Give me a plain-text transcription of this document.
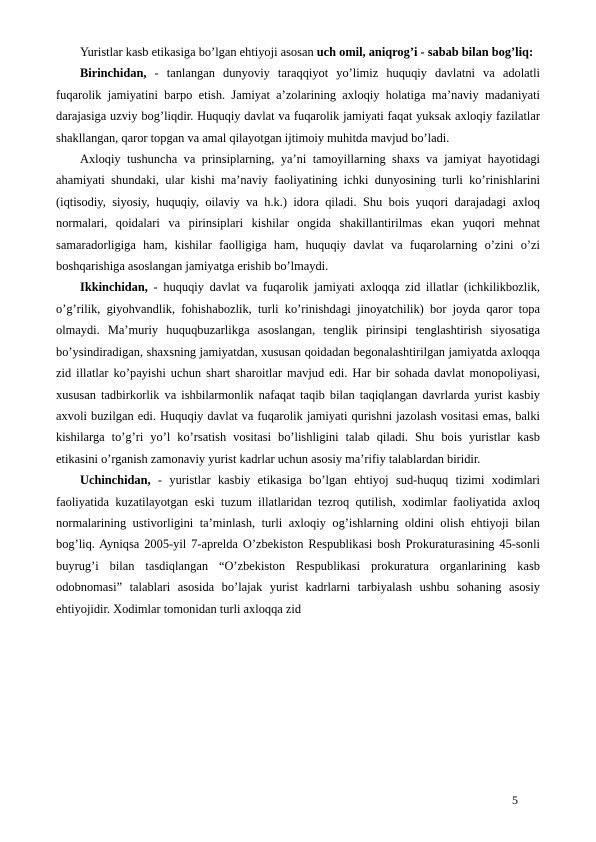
Yuristlar kasb etikasiga bo’lgan ehtiyoji asosan uch omil, aniqrog’i - sabab bilan bog’liq:

Birinchidan, - tanlangan dunyoviy taraqqiyot yo’limiz huquqiy davlatni va adolatli fuqarolik jamiyatini barpo etish. Jamiyat a’zolarining axloqiy holatiga ma’naviy madaniyati darajasiga uzviy bog’liqdir. Huquqiy davlat va fuqarolik jamiyati faqat yuksak axloqiy fazilatlar shakllangan, qaror topgan va amal qilayotgan ijtimoiy muhitda mavjud bo’ladi.

Axloqiy tushuncha va prinsiplarning, ya’ni tamoyillarning shaxs va jamiyat hayotidagi ahamiyati shundaki, ular kishi ma’naviy faoliyatining ichki dunyosining turli ko’rinishlarini (iqtisodiy, siyosiy, huquqiy, oilaviy va h.k.) idora qiladi. Shu bois yuqori darajadagi axloq normalari, qoidalari va pirinsiplari kishilar ongida shakillantirilmas ekan yuqori mehnat samaradorligiga ham, kishilar faolligiga ham, huquqiy davlat va fuqarolarning o’zini o’zi boshqarishiga asoslangan jamiyatga erishib bo’lmaydi.

Ikkinchidan, - huquqiy davlat va fuqarolik jamiyati axloqqa zid illatlar (ichkilikbozlik, o’g’rilik, giyohvandlik, fohishabozlik, turli ko’rinishdagi jinoyatchilik) bor joyda qaror topa olmaydi. Ma’muriy huquqbuzarlikga asoslangan, tenglik pirinsipi tenglashtirish siyosatiga bo’ysindiradigan, shaxsning jamiyatdan, xususan qoidadan begonalashtirilgan jamiyatda axloqqa zid illatlar ko’payishi uchun shart sharoitlar mavjud edi. Har bir sohada davlat monopoliyasi, xususan tadbirkorlik va ishbilarmonlik nafaqat taqib bilan taqiqlangan davrlarda yurist kasbiy axvoli buzilgan edi. Huquqiy davlat va fuqarolik jamiyati qurishni jazolash vositasi emas, balki kishilarga to’g’ri yo’l ko’rsatish vositasi bo’lishligini talab qiladi. Shu bois yuristlar kasb etikasini o’rganish zamonaviy yurist kadrlar uchun asosiy ma’rifiy talablardan biridir.

Uchinchidan, - yuristlar kasbiy etikasiga bo’lgan ehtiyoj sud-huquq tizimi xodimlari faoliyatida kuzatilayotgan eski tuzum illatlaridan tezroq qutilish, xodimlar faoliyatida axloq normalarining ustivorligini ta’minlash, turli axloqiy og’ishlarning oldini olish ehtiyoji bilan bog’liq. Ayniqsa 2005-yil 7-aprelda O’zbekiston Respublikasi bosh Prokuraturasining 45-sonli buyrug’i bilan tasdiqlangan “O’zbekiston Respublikasi prokuratura organlarining kasb odobnomasi” talablari asosida bo’lajak yurist kadrlarni tarbiyalash ushbu sohaning asosiy ehtiyojidir. Xodimlar tomonidan turli axloqqa zid

5
